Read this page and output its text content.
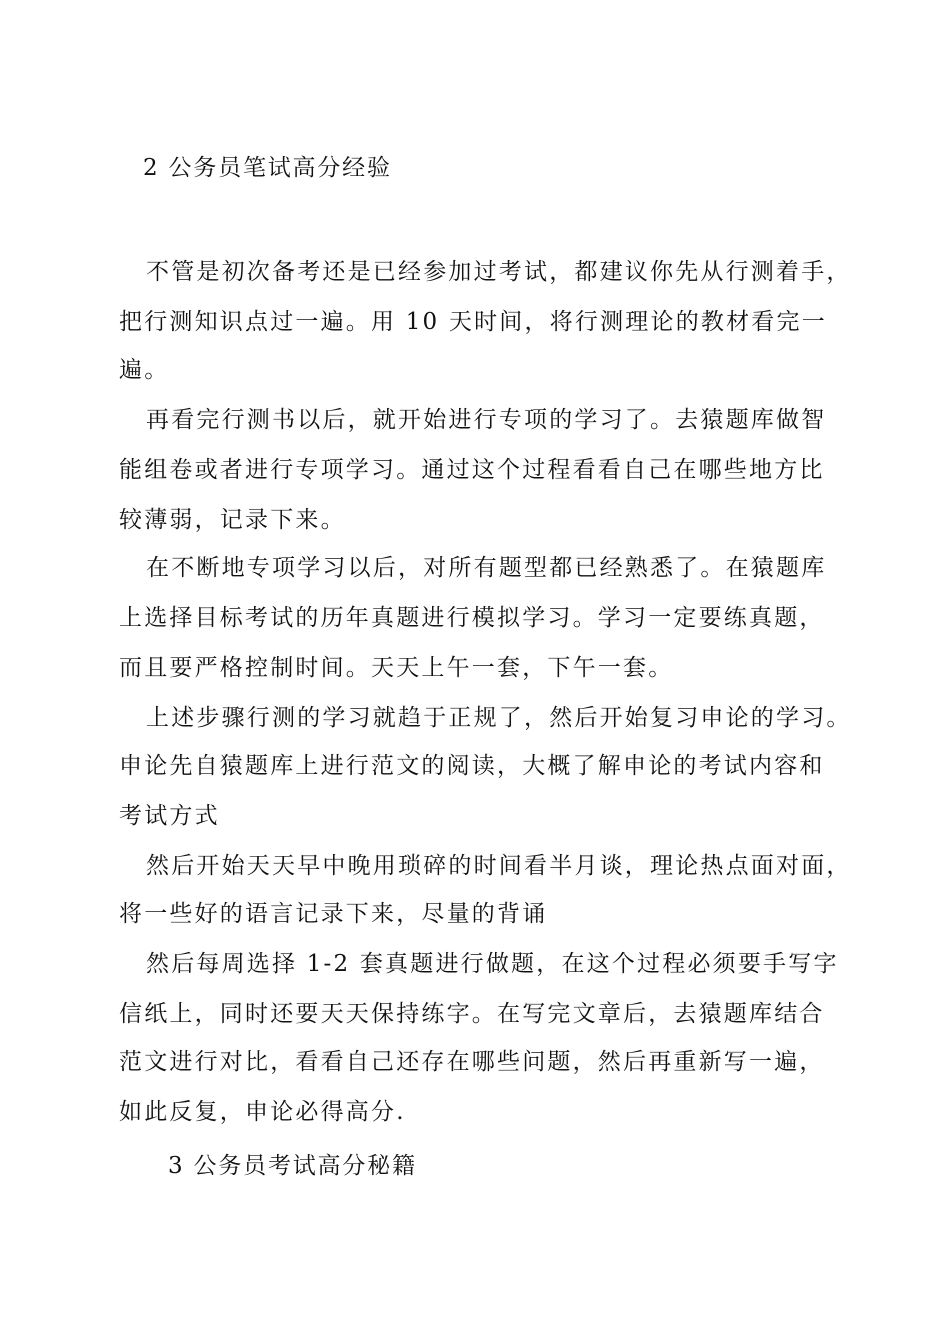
2 公务员笔试高分经验
不管是初次备考还是已经参加过考试，都建议你先从行测着手，
把行测知识点过一遍。用 10 天时间，将行测理论的教材看完一
遍。
再看完行测书以后，就开始进行专项的学习了。去猿题库做智
能组卷或者进行专项学习。通过这个过程看看自己在哪些地方比
较薄弱，记录下来。
在不断地专项学习以后，对所有题型都已经熟悉了。在猿题库
上选择目标考试的历年真题进行模拟学习。学习一定要练真题，
而且要严格控制时间。天天上午一套，下午一套。
上述步骤行测的学习就趋于正规了，然后开始复习申论的学习。
申论先自猿题库上进行范文的阅读，大概了解申论的考试内容和
考试方式
然后开始天天早中晚用琐碎的时间看半月谈，理论热点面对面，
将一些好的语言记录下来，尽量的背诵
然后每周选择 1-2 套真题进行做题，在这个过程必须要手写字
信纸上，同时还要天天保持练字。在写完文章后，去猿题库结合
范文进行对比，看看自己还存在哪些问题，然后再重新写一遍，
如此反复，申论必得高分.
3 公务员考试高分秘籍
